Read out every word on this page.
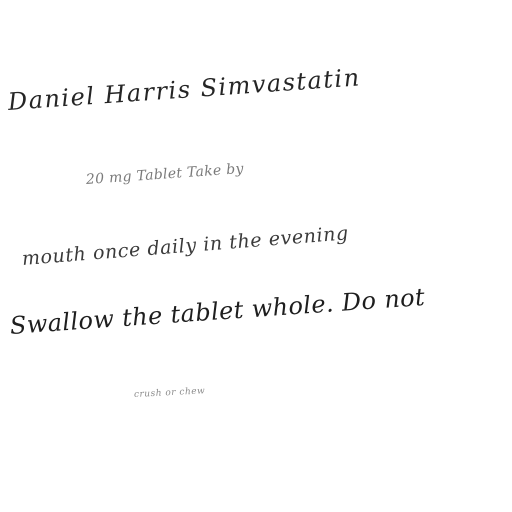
Daniel Harris Simvastatin
20 mg Tablet Take by
mouth once daily in the evening
Swallow the tablet whole. Do not
crush or chew
